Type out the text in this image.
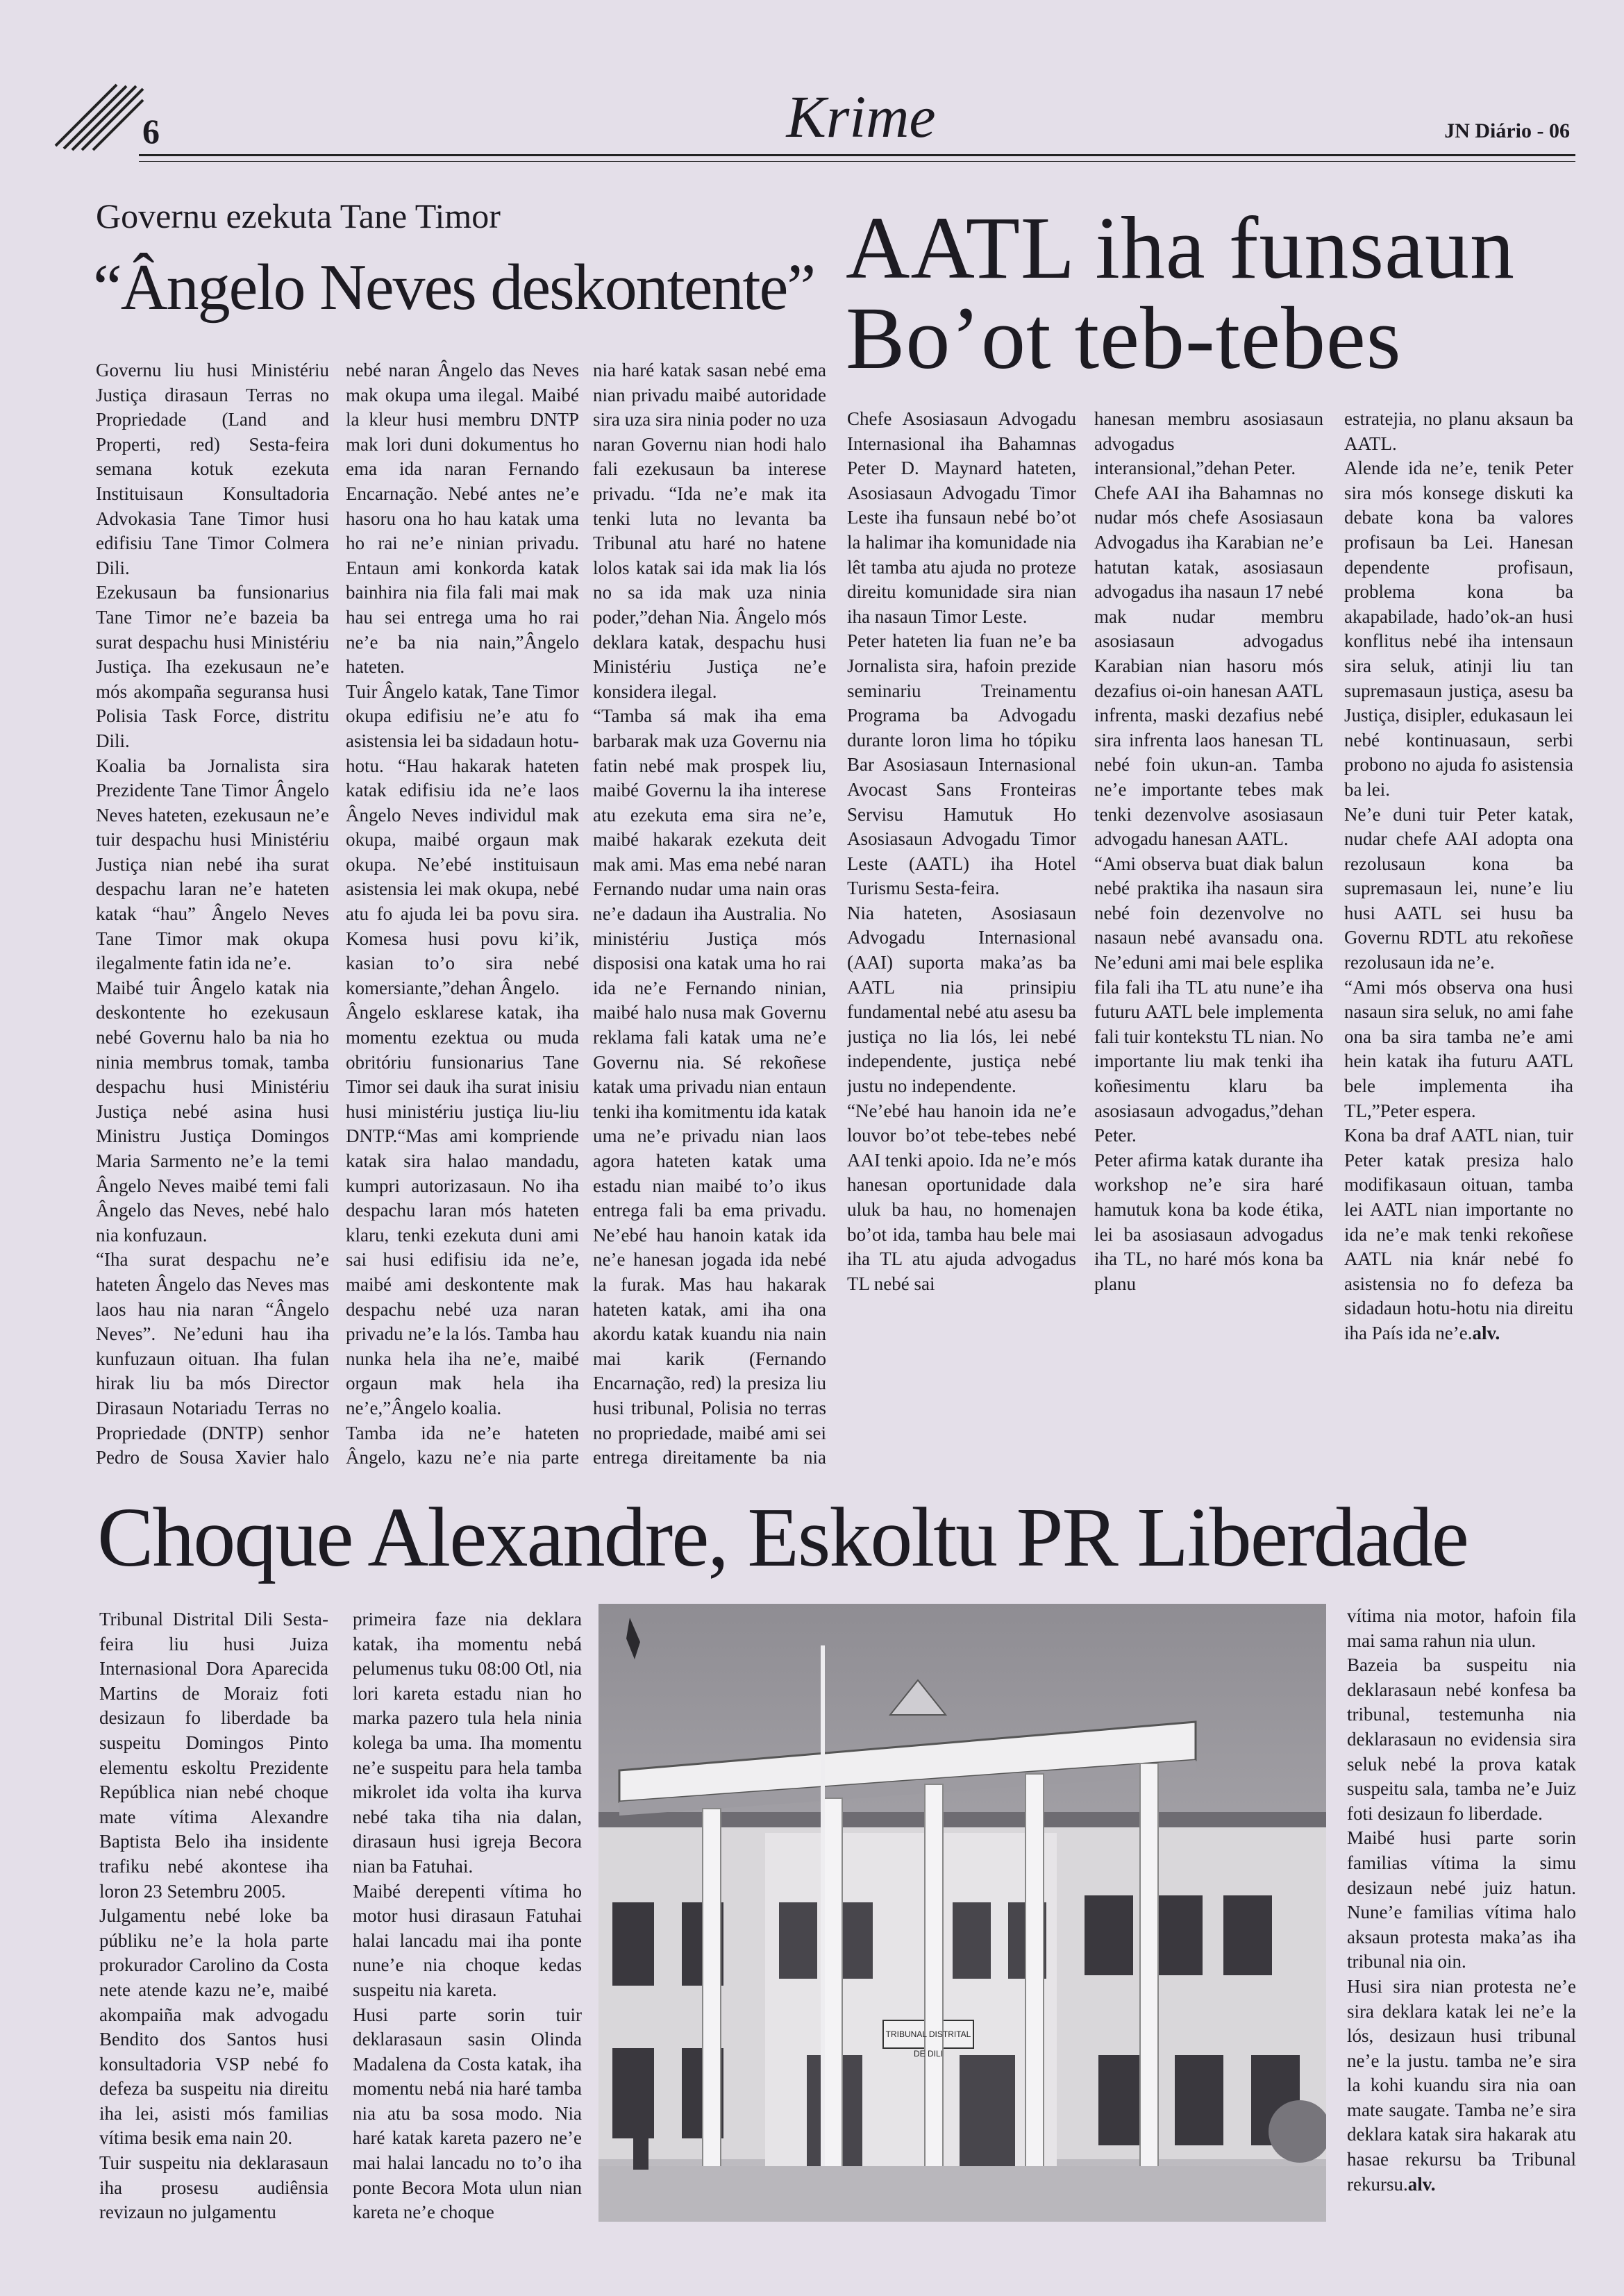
6	Krime	JN Diário - 06
Governu ezekuta Tane Timor
“Ângelo Neves deskontente”

Governu liu husi Ministériu Justiça dirasaun Terras no Propriedade (Land and Properti, red) Sesta-feira semana kotuk ezekuta Instituisaun Konsultadoria Advokasia Tane Timor husi edifisiu Tane Timor Colmera Dili.

Ezekusaun ba funsionarius Tane Timor ne’e bazeia ba surat despachu husi Ministériu Justiça. Iha ezekusaun ne’e mós akompaña seguransa husi Polisia Task Force, distritu Dili.

Koalia ba Jornalista sira Prezidente Tane Timor Ângelo Neves hateten, ezekusaun ne’e tuir despachu husi Ministériu Justiça nian nebé iha surat despachu laran ne’e hateten katak “hau” Ângelo Neves Tane Timor mak okupa ilegalmente fatin ida ne’e.

Maibé tuir Ângelo katak nia deskontente ho ezekusaun nebé Governu halo ba nia ho ninia membrus tomak, tamba despachu husi Ministériu Justiça nebé asina husi Ministru Justiça Domingos Maria Sarmento ne’e la temi Ângelo Neves maibé temi fali Ângelo das Neves, nebé halo nia konfuzaun.

“Iha surat despachu ne’e hateten Ângelo das Neves mas laos hau nia naran “Ângelo Neves”. Ne’eduni hau iha kunfuzaun oituan. Iha fulan hirak liu ba mós Director Dirasaun Notariadu Terras no Propriedade (DNTP) senhor Pedro de Sousa Xavier halo

nebé naran Ângelo das Neves mak okupa uma ilegal. Maibé la kleur husi membru DNTP mak lori duni dokumentus ho ema ida naran Fernando Encarnação. Nebé antes ne’e hasoru ona ho hau katak uma ho rai ne’e ninian privadu. Entaun ami konkorda katak bainhira nia fila fali mai mak hau sei entrega uma ho rai ne’e ba nia nain,”Ângelo hateten.

Tuir Ângelo katak, Tane Timor okupa edifisiu ne’e atu fo asistensia lei ba sidadaun hotu-hotu. “Hau hakarak hateten katak edifisiu ida ne’e laos Ângelo Neves individul mak okupa, maibé orgaun mak okupa. Ne’ebé instituisaun asistensia lei mak okupa, nebé atu fo ajuda lei ba povu sira. Komesa husi povu ki’ik, kasian to’o sira nebé komersiante,”dehan Ângelo.

Ângelo esklarese katak, iha momentu ezektua ou muda obritóriu funsionarius Tane Timor sei dauk iha surat inisiu husi ministériu justiça liu-liu DNTP.“Mas ami kompriende katak sira halao mandadu, kumpri autorizasaun. No iha despachu laran mós hateten klaru, tenki ezekuta duni ami sai husi edifisiu ida ne’e, maibé ami deskontente mak despachu nebé uza naran privadu ne’e la lós. Tamba hau nunka hela iha ne’e, maibé orgaun mak hela iha ne’e,”Ângelo koalia.

Tamba ida ne’e hateten Ângelo, kazu ne’e nia parte

nia haré katak sasan nebé ema nian privadu maibé autoridade sira uza sira ninia poder no uza naran Governu nian hodi halo fali ezekusaun ba interese privadu. “Ida ne’e mak ita tenki luta no levanta ba Tribunal atu haré no hatene lolos katak sai ida mak lia lós no sa ida mak uza ninia poder,”dehan Nia. Ângelo mós deklara katak, despachu husi Ministériu Justiça ne’e konsidera ilegal.

“Tamba sá mak iha ema barbarak mak uza Governu nia fatin nebé mak prospek liu, maibé Governu la iha interese atu ezekuta ema sira ne’e, maibé hakarak ezekuta deit mak ami. Mas ema nebé naran Fernando nudar uma nain oras ne’e dadaun iha Australia. No ministériu Justiça mós disposisi ona katak uma ho rai ida ne’e Fernando ninian, maibé halo nusa mak Governu reklama fali katak uma ne’e Governu nia. Sé rekoñese katak uma privadu nian entaun tenki iha komitmentu ida katak uma ne’e privadu nian laos agora hateten katak uma estadu nian maibé to’o ikus entrega fali ba ema privadu. Ne’ebé hau hanoin katak ida ne’e hanesan jogada ida nebé la furak. Mas hau hakarak hateten katak, ami iha ona akordu katak kuandu nia nain mai karik (Fernando Encarnação, red) la presiza liu husi tribunal, Polisia no terras no propriedade, maibé ami sei entrega direitamente ba nia

AATL iha funsaun Bo’ot teb-tebes

Chefe Asosiasaun Advogadu Internasional iha Bahamnas Peter D. Maynard hateten, Asosiasaun Advogadu Timor Leste iha funsaun nebé bo’ot la halimar iha komunidade nia lêt tamba atu ajuda no proteze direitu komunidade sira nian iha nasaun Timor Leste.

Peter hateten lia fuan ne’e ba Jornalista sira, hafoin prezide seminariu Treinamentu Programa ba Advogadu durante loron lima ho tópiku Bar Asosiasaun Internasional Avocast Sans Fronteiras Servisu Hamutuk Ho Asosiasaun Advogadu Timor Leste (AATL) iha Hotel Turismu Sesta-feira.

Nia hateten, Asosiasaun Advogadu Internasional (AAI) suporta maka’as ba AATL nia prinsipiu fundamental nebé atu asesu ba justiça no lia lós, lei nebé independente, justiça nebé justu no independente.

“Ne’ebé hau hanoin ida ne’e louvor bo’ot tebe-tebes nebé AAI tenki apoio. Ida ne’e mós hanesan oportunidade dala uluk ba hau, no homenajen bo’ot ida, tamba hau bele mai iha TL atu ajuda advogadus TL nebé sai

hanesan membru asosiasaun advogadus interansional,”dehan Peter.

Chefe AAI iha Bahamnas no nudar mós chefe Asosiasaun Advogadus iha Karabian ne’e hatutan katak, asosiasaun advogadus iha nasaun 17 nebé mak nudar membru asosiasaun advogadus Karabian nian hasoru mós dezafius oi-oin hanesan AATL infrenta, maski dezafius nebé sira infrenta laos hanesan TL nebé foin ukun-an. Tamba ne’e importante tebes mak tenki dezenvolve asosiasaun advogadu hanesan AATL.

“Ami observa buat diak balun nebé praktika iha nasaun sira nebé foin dezenvolve no nasaun nebé avansadu ona. Ne’eduni ami mai bele esplika fila fali iha TL atu nune’e iha futuru AATL bele implementa fali tuir kontekstu TL nian. No importante liu mak tenki iha koñesimentu klaru ba asosiasaun advogadus,”dehan Peter.

Peter afirma katak durante iha workshop ne’e sira haré hamutuk kona ba kode étika, lei ba asosiasaun advogadus iha TL, no haré mós kona ba planu

estratejia, no planu aksaun ba AATL.

Alende ida ne’e, tenik Peter sira mós konsege diskuti ka debate kona ba valores profisaun ba Lei. Hanesan dependente profisaun, problema kona ba akapabilade, hado’ok-an husi konflitus nebé iha intensaun sira seluk, atinji liu tan supremasaun justiça, asesu ba Justiça, disipler, edukasaun lei nebé kontinuasaun, serbi probono no ajuda fo asistensia ba lei.

Ne’e duni tuir Peter katak, nudar chefe AAI adopta ona rezolusaun kona ba supremasaun lei, nune’e liu husi AATL sei husu ba Governu RDTL atu rekoñese rezolusaun ida ne’e.

“Ami mós observa ona husi nasaun sira seluk, no ami fahe ona ba sira tamba ne’e ami hein katak iha futuru AATL bele implementa iha TL,”Peter espera.

Kona ba draf AATL nian, tuir Peter katak presiza halo modifikasaun oituan, tamba lei AATL nian importante no ida ne’e mak tenki rekoñese AATL nia knár nebé fo asistensia no fo defeza ba sidadaun hotu-hotu nia direitu iha País ida ne’e.alv.

Choque Alexandre, Eskoltu PR Liberdade

Tribunal Distrital Dili Sesta-feira liu husi Juiza Internasional Dora Aparecida Martins de Moraiz foti desizaun fo liberdade ba suspeitu Domingos Pinto elementu eskoltu Prezidente República nian nebé choque mate vítima Alexandre Baptista Belo iha insidente trafiku nebé akontese iha loron 23 Setembru 2005.

Julgamentu nebé loke ba públiku ne’e la hola parte prokurador Carolino da Costa nete atende kazu ne’e, maibé akompaiña mak advogadu Bendito dos Santos husi konsultadoria VSP nebé fo defeza ba suspeitu nia direitu iha lei, asisti mós familias vítima besik ema nain 20.

Tuir suspeitu nia deklarasaun iha prosesu audiênsia revizaun no julgamentu

primeira faze nia deklara katak, iha momentu nebá pelumenus tuku 08:00 Otl, nia lori kareta estadu nian ho marka pazero tula hela ninia kolega ba uma. Iha momentu ne’e suspeitu para hela tamba mikrolet ida volta iha kurva nebé taka tiha nia dalan, dirasaun husi igreja Becora nian ba Fatuhai.

Maibé derepenti vítima ho motor husi dirasaun Fatuhai halai lancadu mai iha ponte nune’e nia choque kedas suspeitu nia kareta.

Husi parte sorin tuir deklarasaun sasin Olinda Madalena da Costa katak, iha momentu nebá nia haré tamba nia atu ba sosa modo. Nia haré katak kareta pazero ne’e mai halai lancadu no to’o iha ponte Becora Mota ulun nian kareta ne’e choque

TRIBUNAL DISTRITAL DE DILI

vítima nia motor, hafoin fila mai sama rahun nia ulun.

Bazeia ba suspeitu nia deklarasaun nebé konfesa ba tribunal, testemunha nia deklarasaun no evidensia sira seluk nebé la prova katak suspeitu sala, tamba ne’e Juiz foti desizaun fo liberdade.

Maibé husi parte sorin familias vítima la simu desizaun nebé juiz hatun. Nune’e familias vítima halo aksaun protesta maka’as iha tribunal nia oin.

Husi sira nian protesta ne’e sira deklara katak lei ne’e la lós, desizaun husi tribunal ne’e la justu. tamba ne’e sira la kohi kuandu sira nia oan mate saugate. Tamba ne’e sira deklara katak sira hakarak atu hasae rekursu ba Tribunal rekursu.alv.
